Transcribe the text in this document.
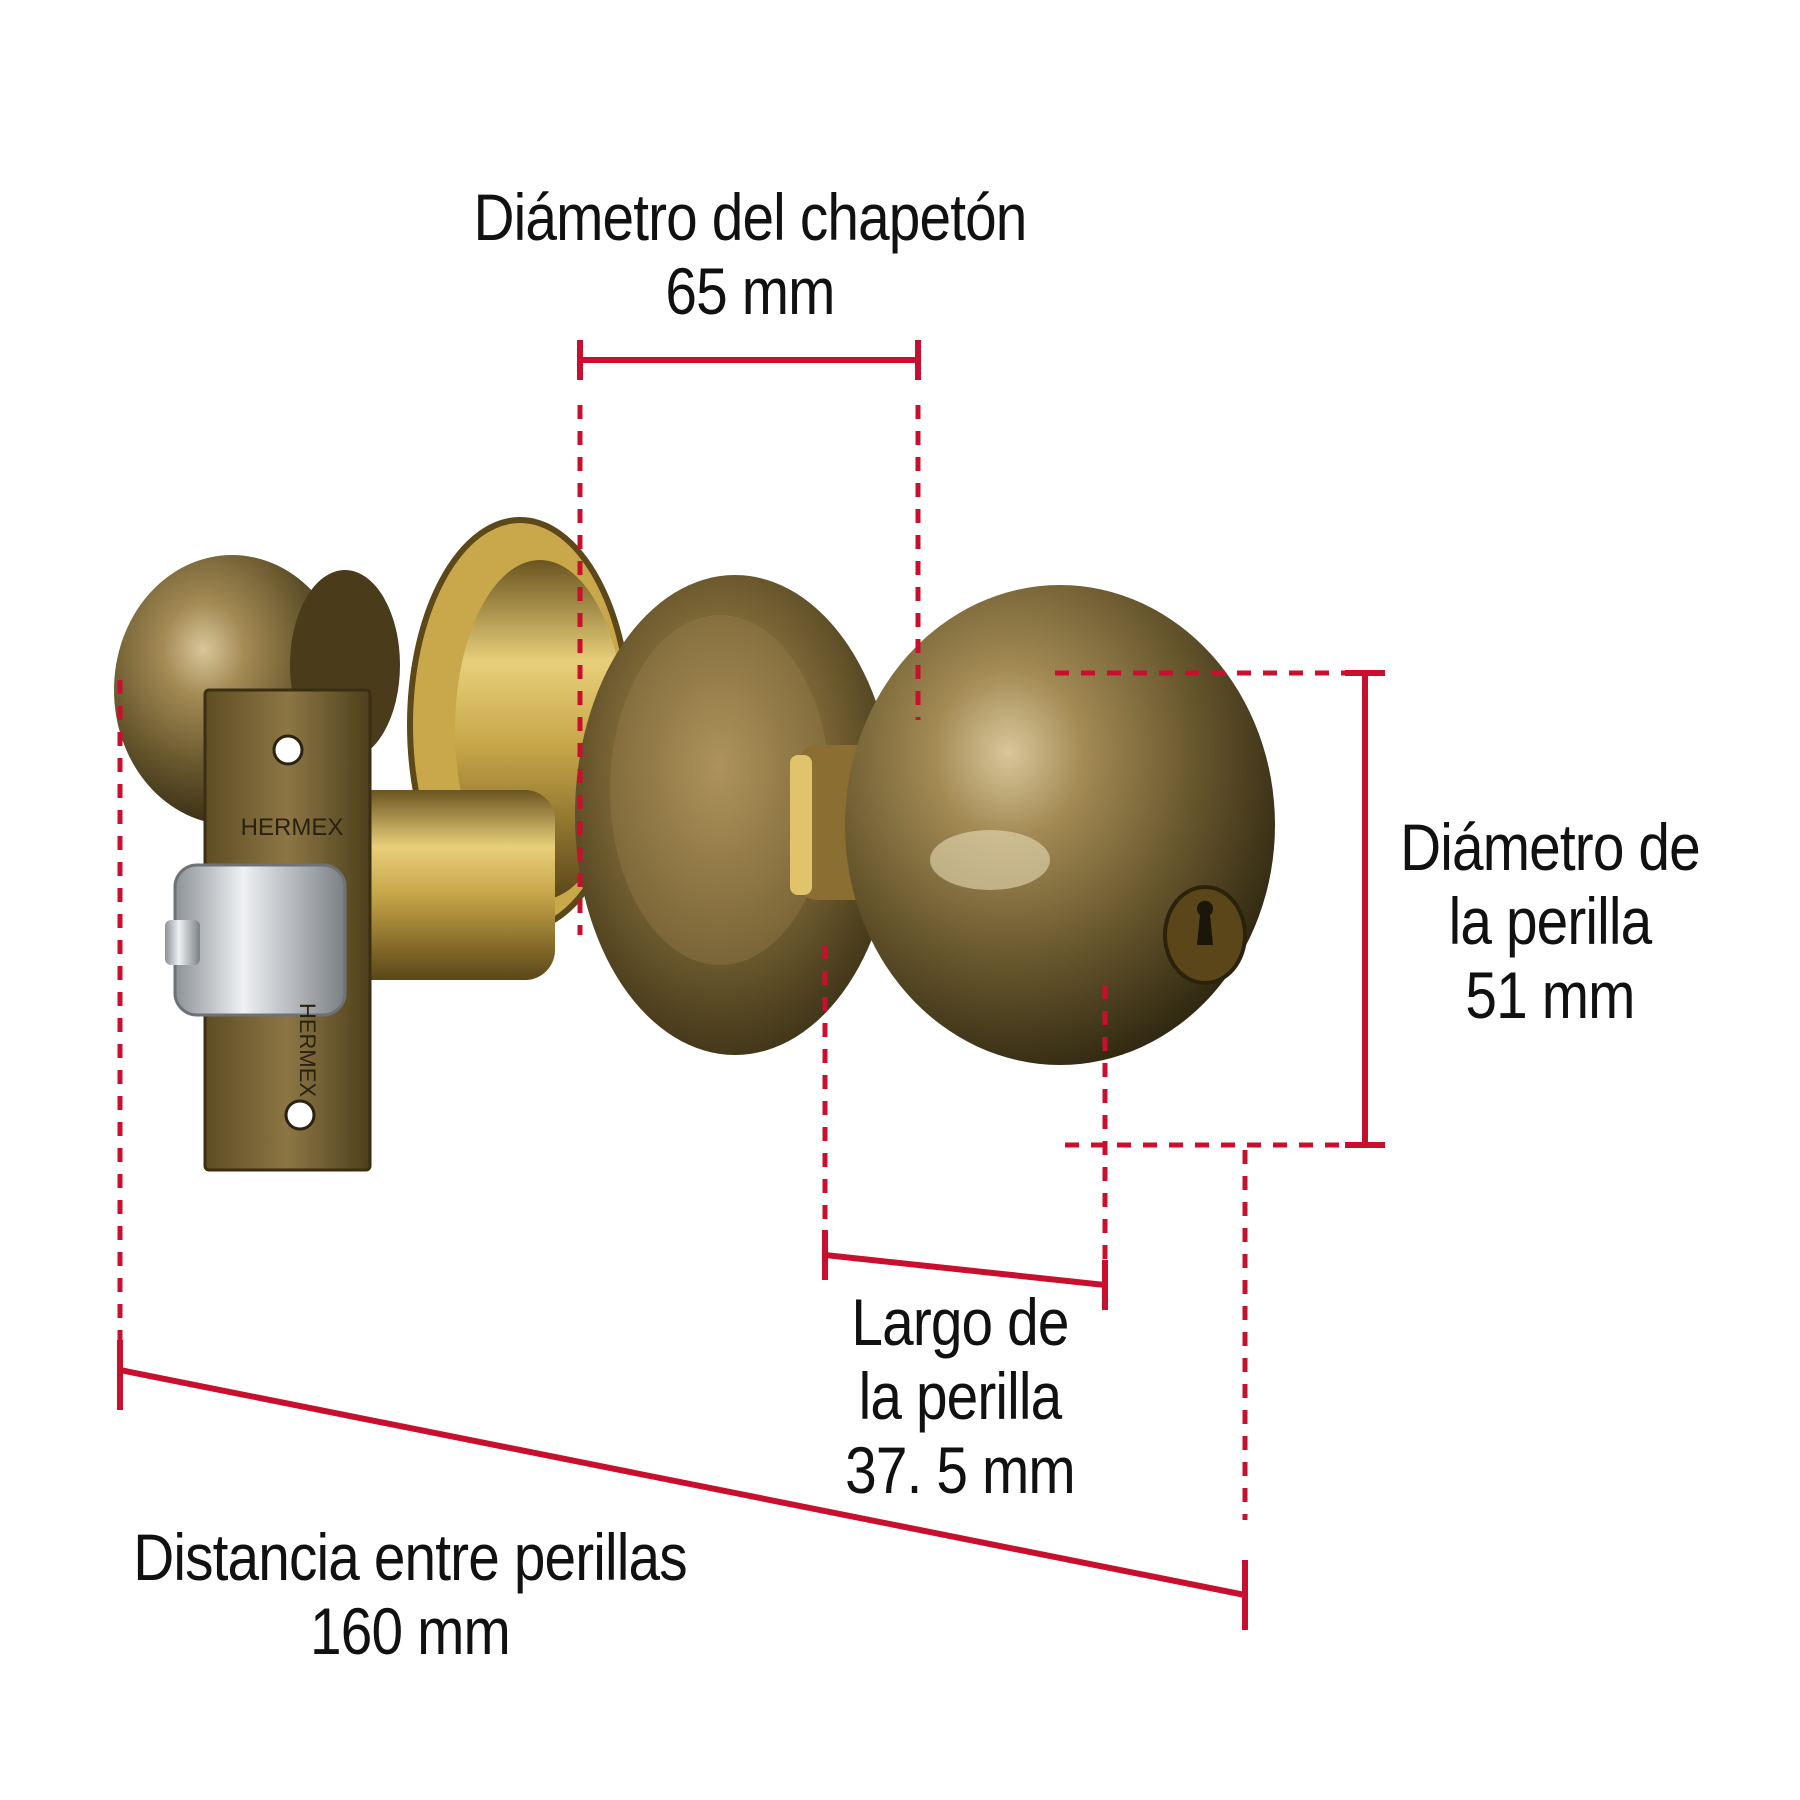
HERMEX
HERMEX
Diámetro del chapetón
65 mm
Diámetro de
la perilla
51 mm
Largo de
la perilla
37. 5 mm
Distancia entre perillas
160 mm
